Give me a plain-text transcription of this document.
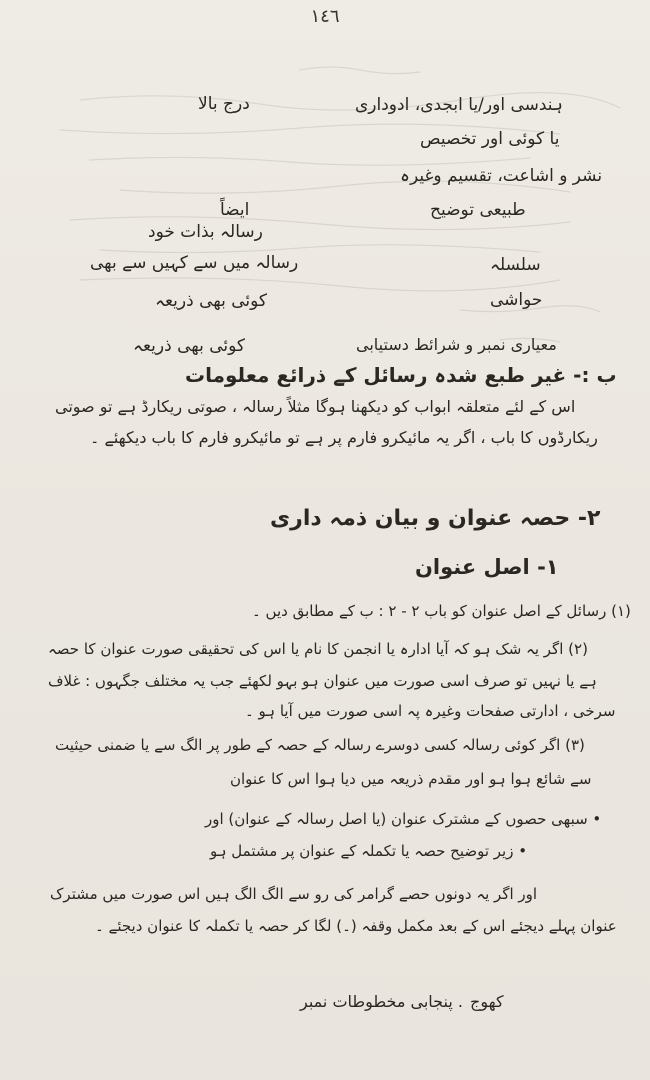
١٤٦
درج بالا	ہندسی اور/یا ابجدی، ادوداری
یا کوئی اور تخصیص
نشر و اشاعت، تقسیم وغیرہ
ایضاً	طبیعی توضیح
رسالہ بذات خود
رسالہ میں سے کہیں سے بھی	سلسلہ
کوئی بھی ذریعہ	حواشی
کوئی بھی ذریعہ	معیاری نمبر و شرائط دستیابی
ب :- غیر طبع شدہ رسائل کے ذرائع معلومات
اس کے لئے متعلقہ ابواب کو دیکھنا ہوگا مثلاً رسالہ ، صوتی ریکارڈ ہے تو صوتی
ریکارڈوں کا باب ، اگر یہ مائیکرو فارم پر ہے تو مائیکرو فارم کا باب دیکھئے ۔
۲- حصہ عنوان و بیان ذمہ داری
۱- اصل عنوان
(۱) رسائل کے اصل عنوان کو باب ۲ - ۲ : ب کے مطابق دیں ۔
(۲) اگر یہ شک ہو کہ آیا ادارہ یا انجمن کا نام یا اس کی تحقیقی صورت عنوان کا حصہ
ہے یا نہیں تو صرف اسی صورت میں عنوان ہو بہو لکھئے جب یہ مختلف جگہوں : غلاف
سرخی ، ادارتی صفحات وغیرہ پہ اسی صورت میں آیا ہو ۔
(۳) اگر کوئی رسالہ کسی دوسرے رسالہ کے حصہ کے طور پر الگ سے یا ضمنی حیثیت
سے شائع ہوا ہو اور مقدم ذریعہ میں دیا ہوا اس کا عنوان
• سبھی حصوں کے مشترک عنوان (یا اصل رسالہ کے عنوان) اور
• زیر توضیح حصہ یا تکملہ کے عنوان پر مشتمل ہو
اور اگر یہ دونوں حصے گرامر کی رو سے الگ الگ ہیں اس صورت میں مشترک
عنوان پہلے دیجئے اس کے بعد مکمل وقفہ (۔) لگا کر حصہ یا تکملہ کا عنوان دیجئے ۔
. پنجابی مخطوطات نمبر کھوج
